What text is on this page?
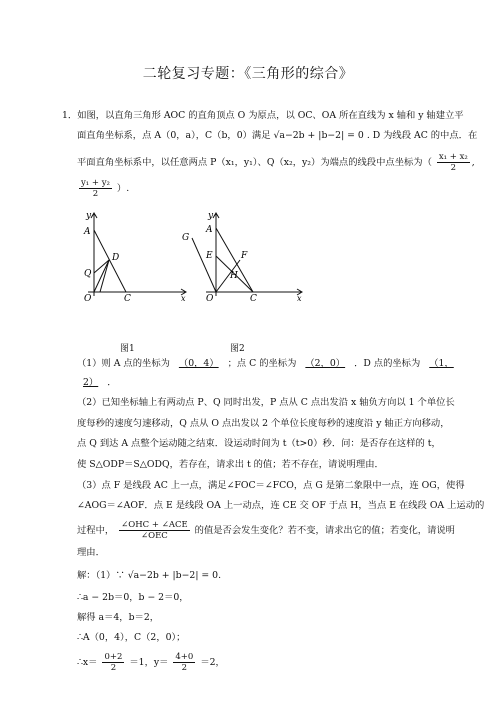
二轮复习专题：《三角形的综合》
1．如图，以直角三角形 AOC 的直角顶点 O 为原点，以 OC、OA 所在直线为 x 轴和 y 轴建立平
面直角坐标系，点 A（0，a），C（b，0）满足 √a−2b + |b−2| = 0 . D 为线段 AC 的中点．在
平面直角坐标系中，以任意两点 P（x₁，y₁）、Q（x₂，y₂）为端点的线段中点坐标为（ $\frac{\text{x₁ + x₂}}{2}$ ,
$\frac{\text{y₁ + y₂}}{2}$ ）.
y
A
D
Q
O	C	x
y
G
A
E	F
H
O	C	x
图1	图2
（1）则 A 点的坐标为 （0，4） ；点 C 的坐标为 （2，0） ．D 点的坐标为 （1，
2） ．
（2）已知坐标轴上有两动点 P、Q 同时出发，P 点从 C 点出发沿 x 轴负方向以 1 个单位长
度每秒的速度匀速移动，Q 点从 O 点出发以 2 个单位长度每秒的速度沿 y 轴正方向移动，
点 Q 到达 A 点整个运动随之结束．设运动时间为 t（t>0）秒．问：是否存在这样的 t，
使 S△ODP＝S△ODQ，若存在，请求出 t 的值；若不存在，请说明理由．
（3）点 F 是线段 AC 上一点，满足∠FOC＝∠FCO，点 G 是第二象限中一点，连 OG，使得
∠AOG＝∠AOF．点 E 是线段 OA 上一动点，连 CE 交 OF 于点 H，当点 E 在线段 OA 上运动的
过程中， $\frac{\text{∠OHC + ∠ACE}}{\text{∠OEC}}$ 的值是否会发生变化？若不变，请求出它的值；若变化，请说明
理由．
解：（1）∵ √a−2b + |b−2| = 0.
∴a − 2b＝0，b − 2＝0，
解得 a＝4，b＝2，
∴A（0，4），C（2，0）；
∴x＝ $\frac{0+2}{2} =1$，$y= \frac{4+0}{2} =2$，
